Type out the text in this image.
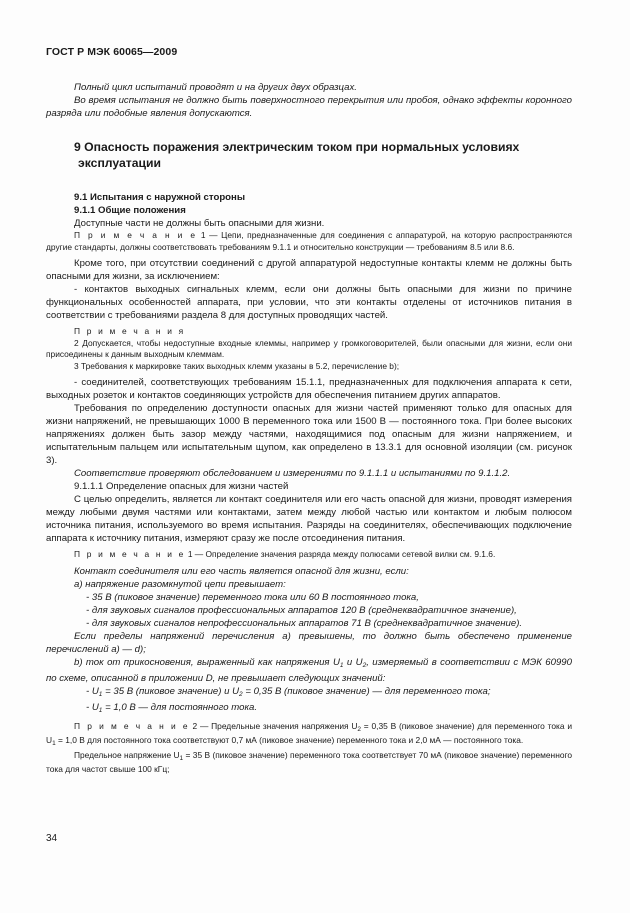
ГОСТ Р МЭК 60065—2009

Полный цикл испытаний проводят и на других двух образцах.

Во время испытания не должно быть поверхностного перекрытия или пробоя, однако эффекты коронного разряда или подобные явления допускаются.

9 Опасность поражения электрическим током при нормальных условиях
эксплуатации

9.1 Испытания с наружной стороны

9.1.1 Общие положения

Доступные части не должны быть опасными для жизни.

П р и м е ч а н и е 1 — Цепи, предназначенные для соединения с аппаратурой, на которую распространяются другие стандарты, должны соответствовать требованиям 9.1.1 и относительно конструкции — требованиям 8.5 или 8.6.

Кроме того, при отсутствии соединений с другой аппаратурой недоступные контакты клемм не должны быть опасными для жизни, за исключением:

- контактов выходных сигнальных клемм, если они должны быть опасными для жизни по причине функциональных особенностей аппарата, при условии, что эти контакты отделены от источников питания в соответствии с требованиями раздела 8 для доступных проводящих частей.

П р и м е ч а н и я

2 Допускается, чтобы недоступные входные клеммы, например у громкоговорителей, были опасными для жизни, если они присоединены к данным выходным клеммам.

3 Требования к маркировке таких выходных клемм указаны в 5.2, перечисление b);

- соединителей, соответствующих требованиям 15.1.1, предназначенных для подключения аппарата к сети, выходных розеток и контактов соединяющих устройств для обеспечения питанием других аппаратов.

Требования по определению доступности опасных для жизни частей применяют только для опасных для жизни напряжений, не превышающих 1000 В переменного тока или 1500 В — постоянного тока. При более высоких напряжениях должен быть зазор между частями, находящимися под опасным для жизни напряжением, и испытательным пальцем или испытательным щупом, как определено в 13.3.1 для основной изоляции (см. рисунок 3).

Соответствие проверяют обследованием и измерениями по 9.1.1.1 и испытаниями по 9.1.1.2.

9.1.1.1 Определение опасных для жизни частей

С целью определить, является ли контакт соединителя или его часть опасной для жизни, проводят измерения между любыми двумя частями или контактами, затем между любой частью или контактом и любым полюсом источника питания, используемого во время испытания. Разряды на соединителях, обеспечивающих подключение аппарата к источнику питания, измеряют сразу же после отсоединения питания.

П р и м е ч а н и е 1 — Определение значения разряда между полюсами сетевой вилки см. 9.1.6.

Контакт соединителя или его часть является опасной для жизни, если:

a) напряжение разомкнутой цепи превышает:

- 35 В (пиковое значение) переменного тока или 60 В постоянного тока,

- для звуковых сигналов профессиональных аппаратов 120 В (среднеквадратичное значение),

- для звуковых сигналов непрофессиональных аппаратов 71 В (среднеквадратичное значение).

Если пределы напряжений перечисления a) превышены, то должно быть обеспечено применение перечислений a) — d);

b) ток от прикосновения, выраженный как напряжения $U_1$ и $U_2$, измеряемый в соответствии с МЭК 60990 по схеме, описанной в приложении D, не превышает следующих значений:

- $U_1 = 35$ В (пиковое значение) и $U_2 = 0,35$ В (пиковое значение) — для переменного тока;

- $U_1 = 1,0$ В — для постоянного тока.

П р и м е ч а н и е 2 — Предельные значения напряжения $U_2 = 0,35$ В (пиковое значение) для переменного тока и $U_1 = 1,0$ В для постоянного тока соответствуют 0,7 мА (пиковое значение) переменного тока и 2,0 мА — постоянного тока.

Предельное напряжение $U_1 = 35$ В (пиковое значение) переменного тока соответствует 70 мА (пиковое значение) переменного тока для частот свыше 100 кГц;

34
